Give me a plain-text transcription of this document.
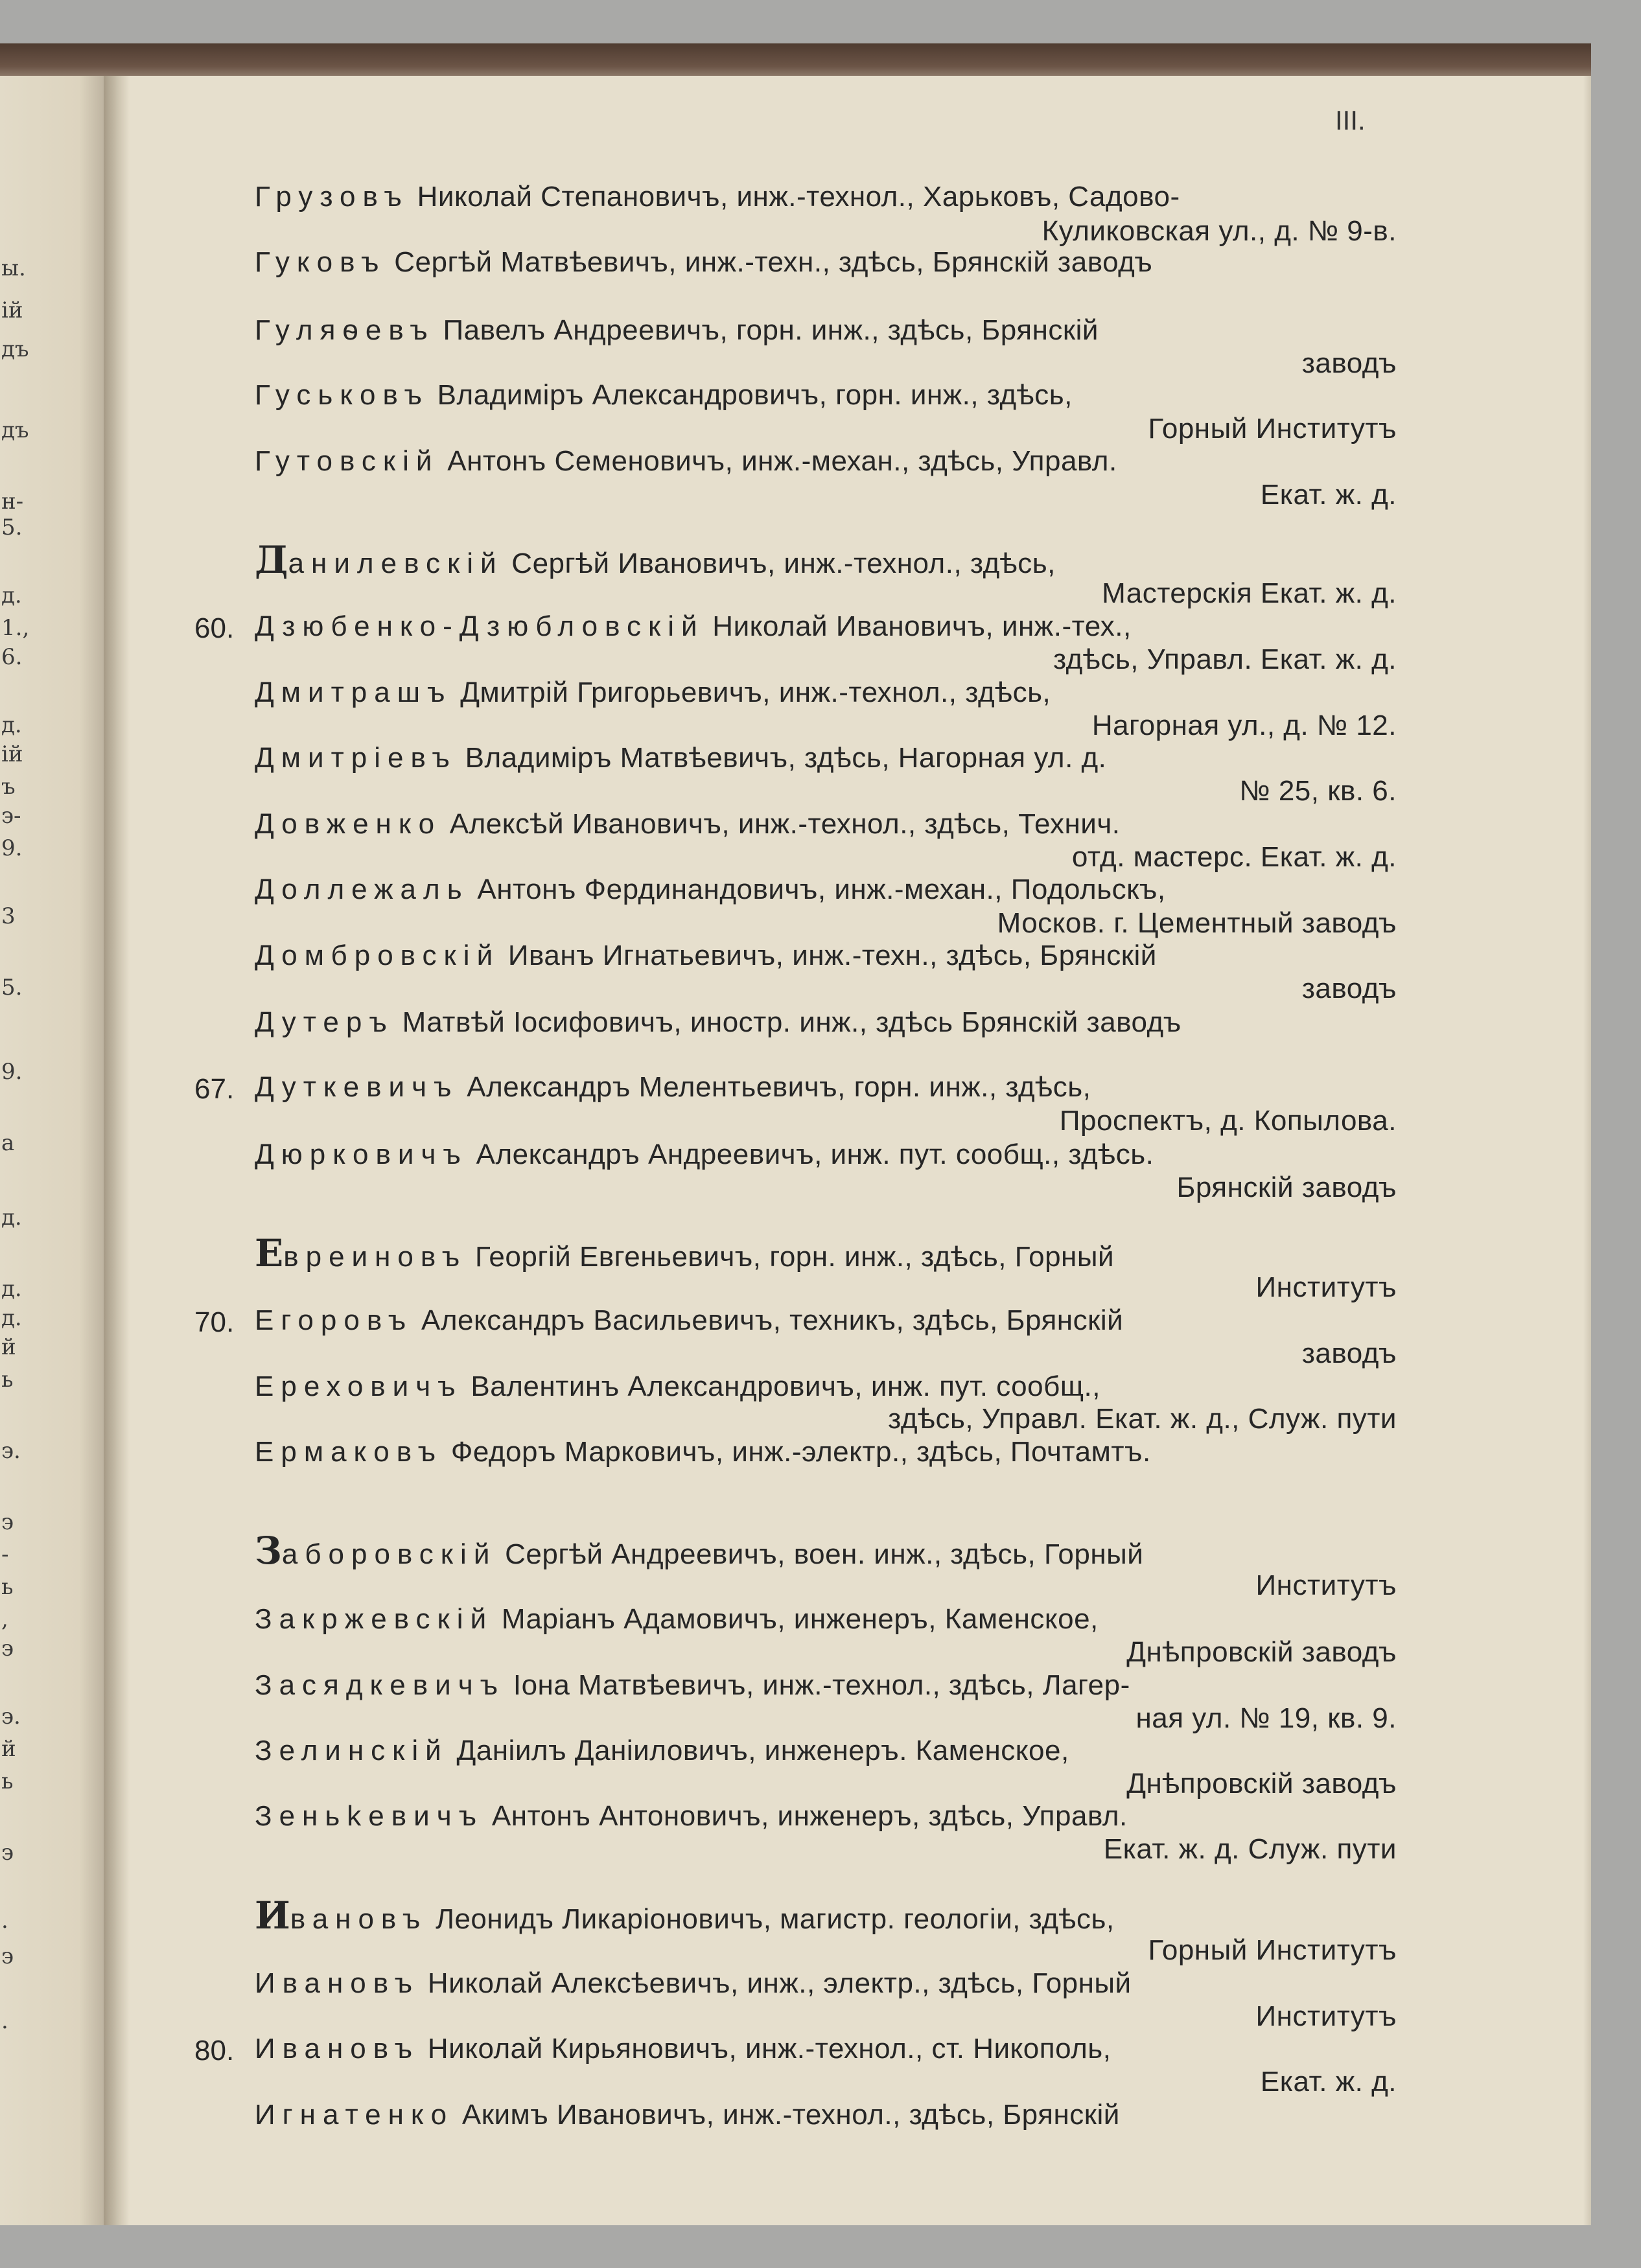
ы.
ій
дъ
дъ
н-
5.
д.
1.,
6.
д.
ій
ъ
э-
9.
3
5.
9.
а
д.
д.
д.
й
ь
э.
э
-
ь
,
э
э.
й
ь
э
.
э
.
III.
Грузовъ Николай Степановичъ, инж.-технол., Харьковъ, Садово-
Куликовская ул., д. № 9-в.
Гуковъ Сергѣй Матвѣевичъ, инж.-техн., здѣсь, Брянскій заводъ
Гуляѳевъ Павелъ Андреевичъ, горн. инж., здѣсь, Брянскій
заводъ
Гуськовъ Владиміръ Александровичъ, горн. инж., здѣсь,
Горный Институтъ
Гутовскій Антонъ Семеновичъ, инж.-механ., здѣсь, Управл.
Екат. ж. д.
Данилевскій Сергѣй Ивановичъ, инж.-технол., здѣсь,
Мастерскія Екат. ж. д.
60. Дзюбенко-Дзюбловскій Николай Ивановичъ, инж.-тех.,
здѣсь, Управл. Екат. ж. д.
Дмитрашъ Дмитрій Григорьевичъ, инж.-технол., здѣсь,
Нагорная ул., д. № 12.
Дмитріевъ Владиміръ Матвѣевичъ, здѣсь, Нагорная ул. д.
№ 25, кв. 6.
Довженко Алексѣй Ивановичъ, инж.-технол., здѣсь, Технич.
отд. мастерс. Екат. ж. д.
Доллежаль Антонъ Фердинандовичъ, инж.-механ., Подольскъ,
Москов. г. Цементный заводъ
Домбровскій Иванъ Игнатьевичъ, инж.-техн., здѣсь, Брянскій
заводъ
Дутеръ Матвѣй Іосифовичъ, иностр. инж., здѣсь Брянскій заводъ
67. Дуткевичъ Александръ Мелентьевичъ, горн. инж., здѣсь,
Проспектъ, д. Копылова.
Дюрковичъ Александръ Андреевичъ, инж. пут. сообщ., здѣсь.
Брянскій заводъ
Евреиновъ Георгій Евгеньевичъ, горн. инж., здѣсь, Горный
Институтъ
70. Егоровъ Александръ Васильевичъ, техникъ, здѣсь, Брянскій
заводъ
Ереховичъ Валентинъ Александровичъ, инж. пут. сообщ.,
здѣсь, Управл. Екат. ж. д., Служ. пути
Ермаковъ Федоръ Марковичъ, инж.-электр., здѣсь, Почтамтъ.
Заборовскій Сергѣй Андреевичъ, воен. инж., здѣсь, Горный
Институтъ
Закржевскій Маріанъ Адамовичъ, инженеръ, Каменское,
Днѣпровскій заводъ
Засядкевичъ Іона Матвѣевичъ, инж.-технол., здѣсь, Лагер-
ная ул. № 19, кв. 9.
Зелинскій Даніилъ Даніиловичъ, инженеръ. Каменское,
Днѣпровскій заводъ
Зеньkевичъ Антонъ Антоновичъ, инженеръ, здѣсь, Управл.
Екат. ж. д. Служ. пути
Ивановъ Леонидъ Ликаріоновичъ, магистр. геологіи, здѣсь,
Горный Институтъ
Ивановъ Николай Алексѣевичъ, инж., электр., здѣсь, Горный
Институтъ
80. Ивановъ Николай Кирьяновичъ, инж.-технол., ст. Никополь,
Екат. ж. д.
Игнатенко Акимъ Ивановичъ, инж.-технол., здѣсь, Брянскій
